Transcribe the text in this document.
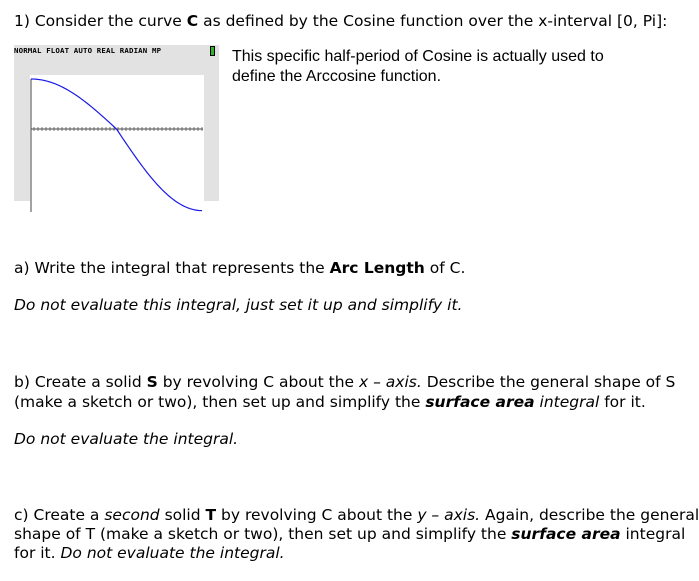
1) Consider the curve C as defined by the Cosine function over the x-interval [0, Pi]:
NORMAL FLOAT AUTO REAL RADIAN MP	This specific half-period of Cosine is actually used to define the Arccosine function.
a) Write the integral that represents the Arc Length of C.
Do not evaluate this integral, just set it up and simplify it.
b) Create a solid S by revolving C about the x – axis. Describe the general shape of S
(make a sketch or two), then set up and simplify the surface area integral for it.
Do not evaluate the integral.
c) Create a second solid T by revolving C about the y – axis. Again, describe the general
shape of T (make a sketch or two), then set up and simplify the surface area integral
for it. Do not evaluate the integral.
